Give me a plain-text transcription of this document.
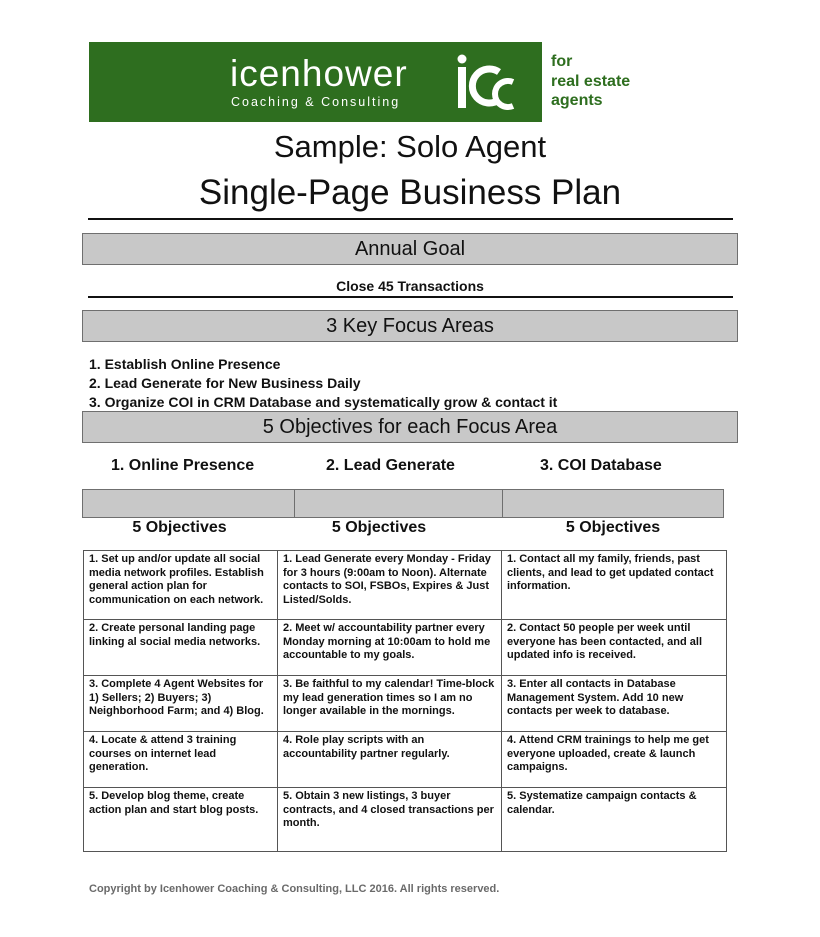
icenhower
Coaching & Consulting
for
real estate
agents
Sample: Solo Agent
Single-Page Business Plan
Annual Goal
Close 45 Transactions
3 Key Focus Areas
1. Establish Online Presence
2. Lead Generate for New Business Daily
3. Organize COI in CRM Database and systematically grow & contact it
5 Objectives for each Focus Area
1. Online Presence	2. Lead Generate	3. COI Database
5 Objectives	5 Objectives	5 Objectives
1. Set up and/or update all social media network profiles. Establish general action plan for communication on each network.	1. Lead Generate every Monday - Friday for 3 hours (9:00am to Noon). Alternate contacts to SOI, FSBOs, Expires & Just Listed/Solds.	1. Contact all my family, friends, past clients, and lead to get updated contact information.
2. Create personal landing page linking al social media networks.	2. Meet w/ accountability partner every Monday morning at 10:00am to hold me accountable to my goals.	2. Contact 50 people per week until everyone has been contacted, and all updated info is received.
3. Complete 4 Agent Websites for 1) Sellers; 2) Buyers; 3) Neighborhood Farm; and 4) Blog.	3. Be faithful to my calendar! Time-block my lead generation times so I am no longer available in the mornings.	3. Enter all contacts in Database Management System. Add 10 new contacts per week to database.
4. Locate & attend 3 training courses on internet lead generation.	4. Role play scripts with an accountability partner regularly.	4. Attend CRM trainings to help me get everyone uploaded, create & launch campaigns.
5. Develop blog theme, create action plan and start blog posts.	5. Obtain 3 new listings, 3 buyer contracts, and 4 closed transactions per month.	5. Systematize campaign contacts & calendar.
Copyright by Icenhower Coaching & Consulting, LLC 2016. All rights reserved.
